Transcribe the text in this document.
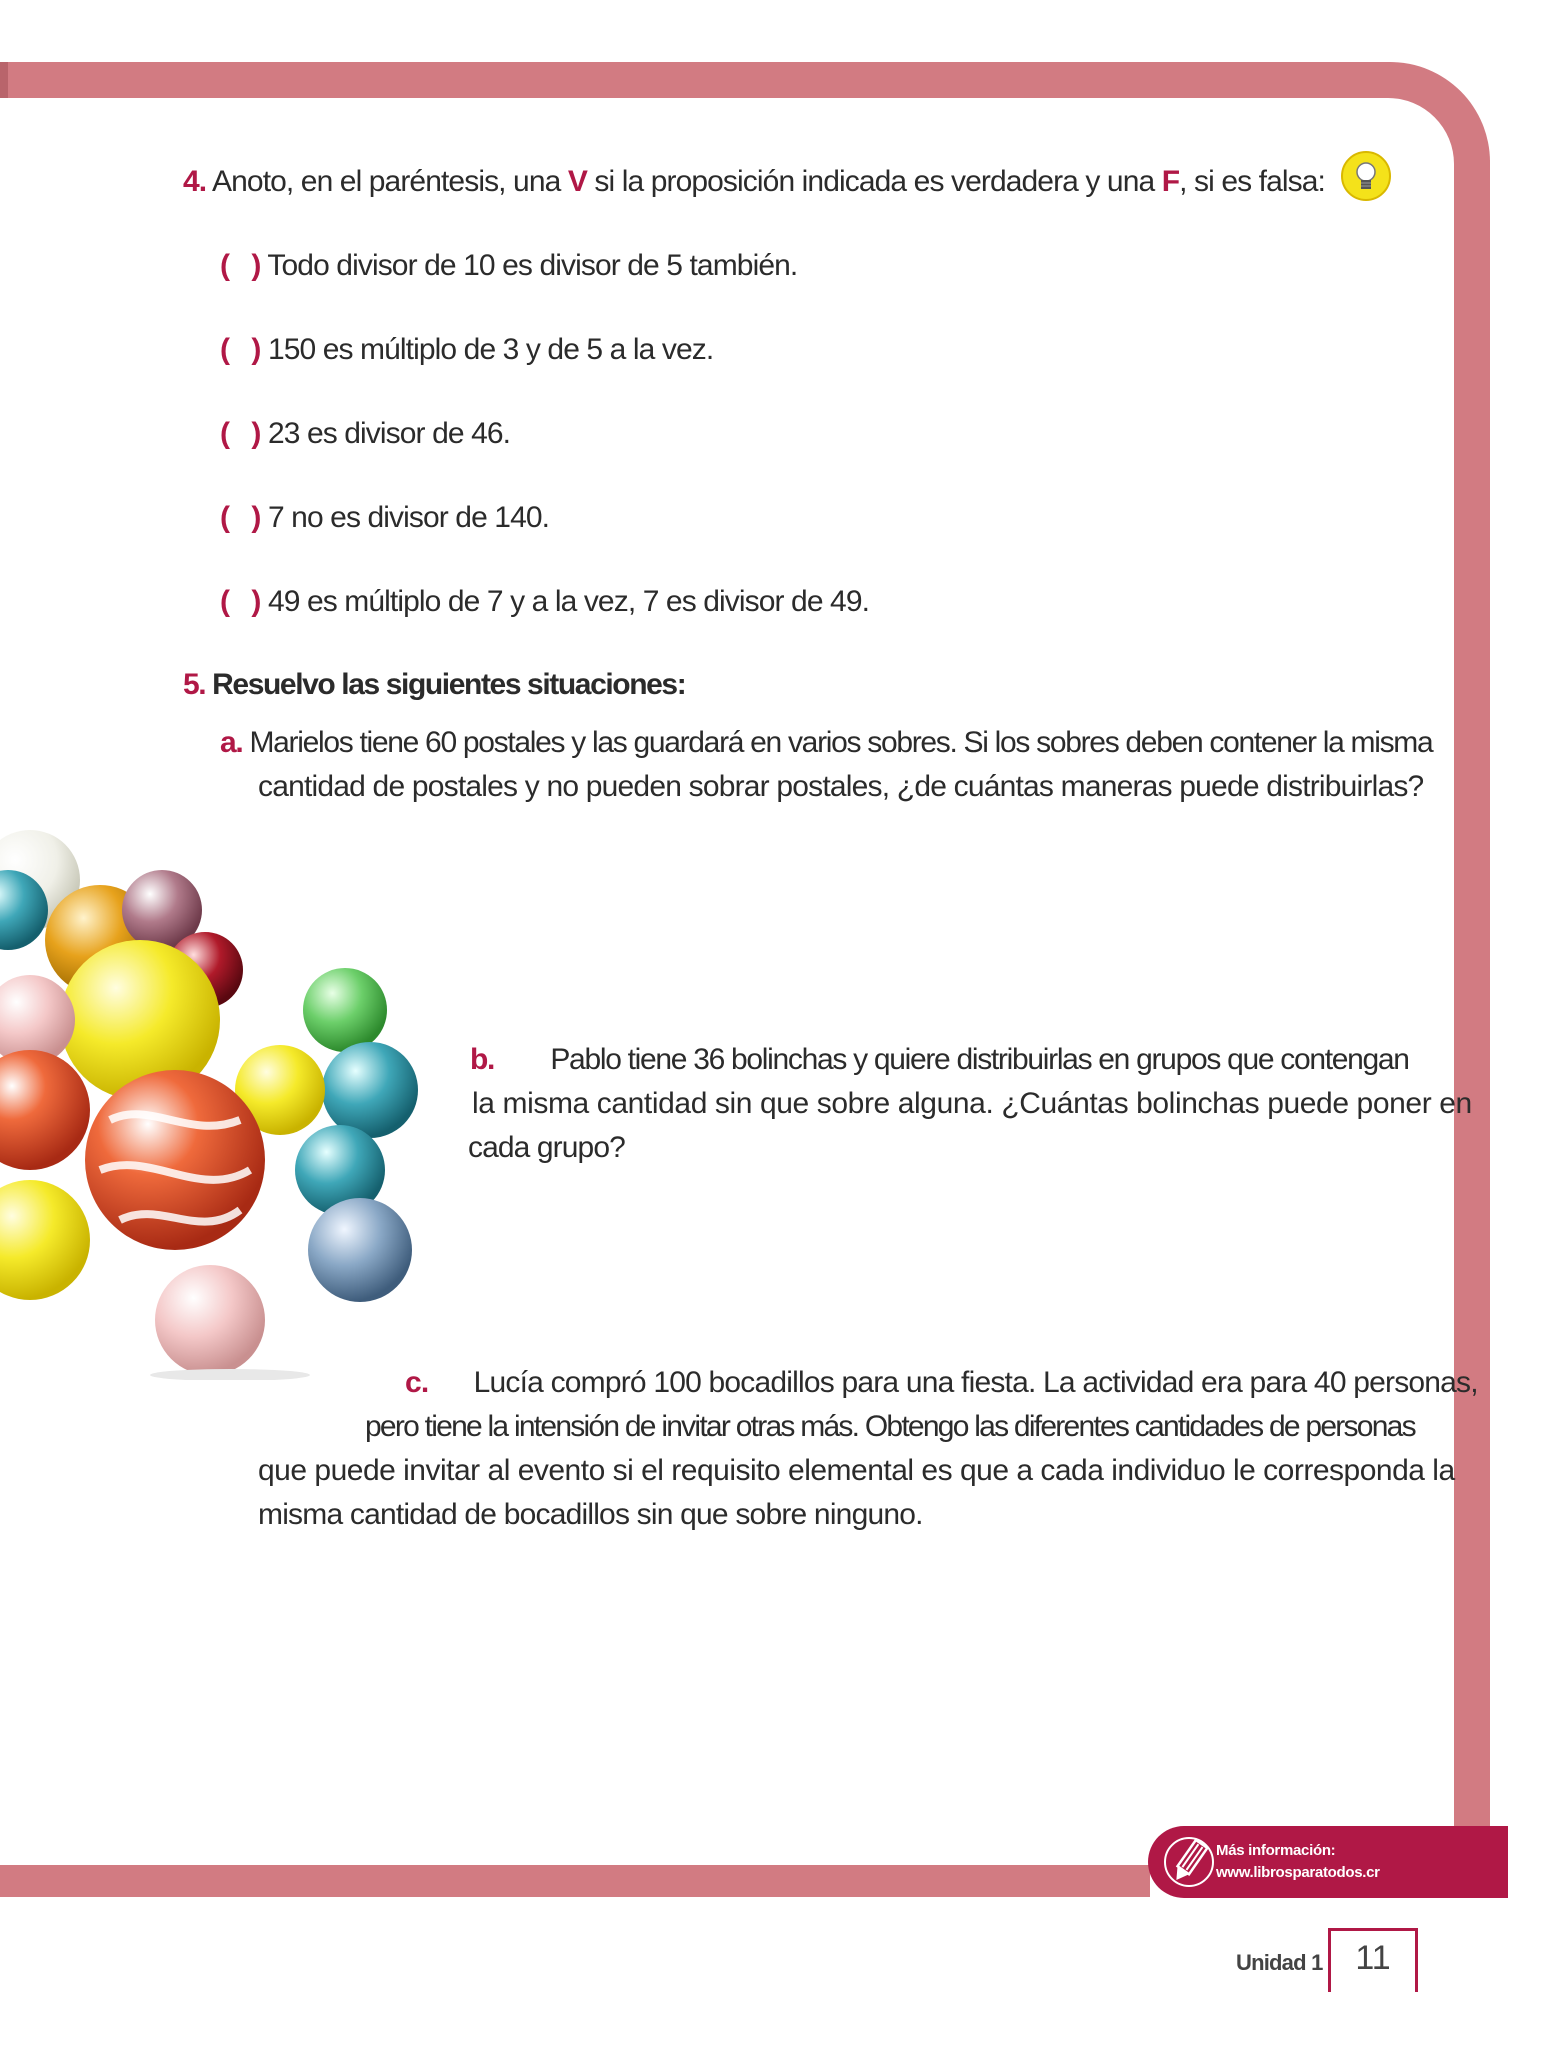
4. Anoto, en el paréntesis, una V si la proposición indicada es verdadera y una F, si es falsa:
( ) Todo divisor de 10 es divisor de 5 también.
( ) 150 es múltiplo de 3 y de 5 a la vez.
( ) 23 es divisor de 46.
( ) 7 no es divisor de 140.
( ) 49 es múltiplo de 7 y a la vez, 7 es divisor de 49.
5. Resuelvo las siguientes situaciones:
a. Marielos tiene 60 postales y las guardará en varios sobres. Si los sobres deben contener la misma
cantidad de postales y no pueden sobrar postales, ¿de cuántas maneras puede distribuirlas?
b. Pablo tiene 36 bolinchas y quiere distribuirlas en grupos que contengan
la misma cantidad sin que sobre alguna. ¿Cuántas bolinchas puede poner en
cada grupo?
c. Lucía compró 100 bocadillos para una fiesta. La actividad era para 40 personas,
pero tiene la intensión de invitar otras más. Obtengo las diferentes cantidades de personas
que puede invitar al evento si el requisito elemental es que a cada individuo le corresponda la
misma cantidad de bocadillos sin que sobre ninguno.
Más información:
www.librosparatodos.cr
Unidad 1 11
